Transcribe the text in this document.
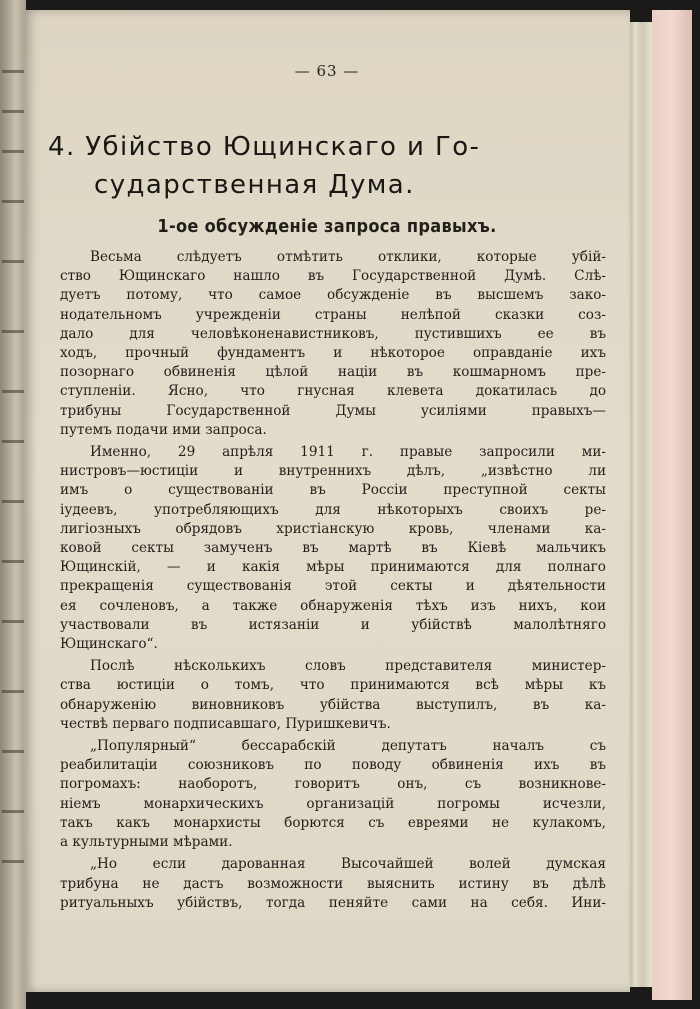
— 63 —
4. Убійство Ющинскаго и Го-
сударственная Дума.
1-ое обсужденіе запроса правыхъ.
Весьма слѣдуетъ отмѣтить отклики, которые убій-
ство Ющинскаго нашло въ Государственной Думѣ. Слѣ-
дуетъ потому, что самое обсужденіе въ высшемъ зако-
нодательномъ учрежденіи страны нелѣпой сказки соз-
дало для человѣконенавистниковъ, пустившихъ ее въ
ходъ, прочный фундаментъ и нѣкоторое оправданіе ихъ
позорнаго обвиненія цѣлой націи въ кошмарномъ пре-
ступленіи. Ясно, что гнусная клевета докатилась до
трибуны Государственной Думы усиліями правыхъ—
путемъ подачи ими запроса.
Именно, 29 апрѣля 1911 г. правые запросили ми-
нистровъ—юстиціи и внутреннихъ дѣлъ, „извѣстно ли
имъ о существованіи въ Россіи преступной секты
іудеевъ, употребляющихъ для нѣкоторыхъ своихъ ре-
лигіозныхъ обрядовъ христіанскую кровь, членами ка-
ковой секты замученъ въ мартѣ въ Кіевѣ мальчикъ
Ющинскій, — и какія мѣры принимаются для полнаго
прекращенія существованія этой секты и дѣятельности
ея сочленовъ, а также обнаруженія тѣхъ изъ нихъ, кои
участвовали въ истязаніи и убійствѣ малолѣтняго
Ющинскаго“.
Послѣ нѣсколькихъ словъ представителя министер-
ства юстиціи о томъ, что принимаются всѣ мѣры къ
обнаруженію виновниковъ убійства выступилъ, въ ка-
чествѣ перваго подписавшаго, Пуришкевичъ.
„Популярный“ бессарабскій депутатъ началъ съ
реабилитаціи союзниковъ по поводу обвиненія ихъ въ
погромахъ: наоборотъ, говоритъ онъ, съ возникнове-
ніемъ монархическихъ организацій погромы исчезли,
такъ какъ монархисты борются съ евреями не кулакомъ,
а культурными мѣрами.
„Но если дарованная Высочайшей волей думская
трибуна не дастъ возможности выяснить истину въ дѣлѣ
ритуальныхъ убійствъ, тогда пеняйте сами на себя. Ини-
